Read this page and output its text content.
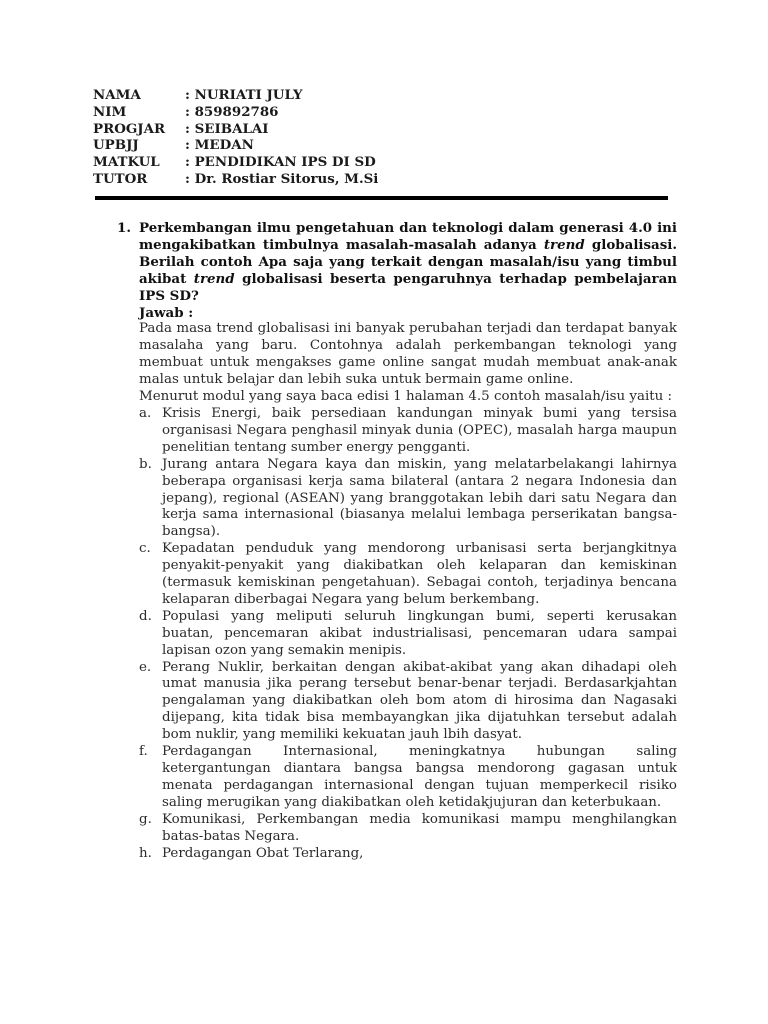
NAMA	: NURIATI JULY
NIM	: 859892786
PROGJAR	: SEIBALAI
UPBJJ	: MEDAN
MATKUL	: PENDIDIKAN IPS DI SD
TUTOR	: Dr. Rostiar Sitorus, M.Si
1. Perkembangan ilmu pengetahuan dan teknologi dalam generasi 4.0 ini mengakibatkan timbulnya masalah-masalah adanya trend globalisasi. Berilah contoh Apa saja yang terkait dengan masalah/isu yang timbul akibat trend globalisasi beserta pengaruhnya terhadap pembelajaran IPS SD?
Jawab :
Pada masa trend globalisasi ini banyak perubahan terjadi dan terdapat banyak masalaha yang baru. Contohnya adalah perkembangan teknologi yang membuat untuk mengakses game online sangat mudah membuat anak-anak malas untuk belajar dan lebih suka untuk bermain game online.
Menurut modul yang saya baca edisi 1 halaman 4.5 contoh masalah/isu yaitu :
a. Krisis Energi, baik persediaan kandungan minyak bumi yang tersisa organisasi Negara penghasil minyak dunia (OPEC), masalah harga maupun penelitian tentang sumber energy pengganti.
b. Jurang antara Negara kaya dan miskin, yang melatarbelakangi lahirnya beberapa organisasi kerja sama bilateral (antara 2 negara Indonesia dan jepang), regional (ASEAN) yang branggotakan lebih dari satu Negara dan kerja sama internasional (biasanya melalui lembaga perserikatan bangsa-bangsa).
c. Kepadatan penduduk yang mendorong urbanisasi serta berjangkitnya penyakit-penyakit yang diakibatkan oleh kelaparan dan kemiskinan (termasuk kemiskinan pengetahuan). Sebagai contoh, terjadinya bencana kelaparan diberbagai Negara yang belum berkembang.
d. Populasi yang meliputi seluruh lingkungan bumi, seperti kerusakan buatan, pencemaran akibat industrialisasi, pencemaran udara sampai lapisan ozon yang semakin menipis.
e. Perang Nuklir, berkaitan dengan akibat-akibat yang akan dihadapi oleh umat manusia jika perang tersebut benar-benar terjadi. Berdasarkjahtan pengalaman yang diakibatkan oleh bom atom di hirosima dan Nagasaki dijepang, kita tidak bisa membayangkan jika dijatuhkan tersebut adalah bom nuklir, yang memiliki kekuatan jauh lbih dasyat.
f.	Perdagangan Internasional, meningkatnya hubungan saling ketergantungan diantara bangsa bangsa mendorong gagasan untuk menata perdagangan internasional dengan tujuan memperkecil risiko saling merugikan yang diakibatkan oleh ketidakjujuran dan keterbukaan.
g. Komunikasi, Perkembangan media komunikasi mampu menghilangkan batas-batas Negara.
h. Perdagangan Obat Terlarang,
